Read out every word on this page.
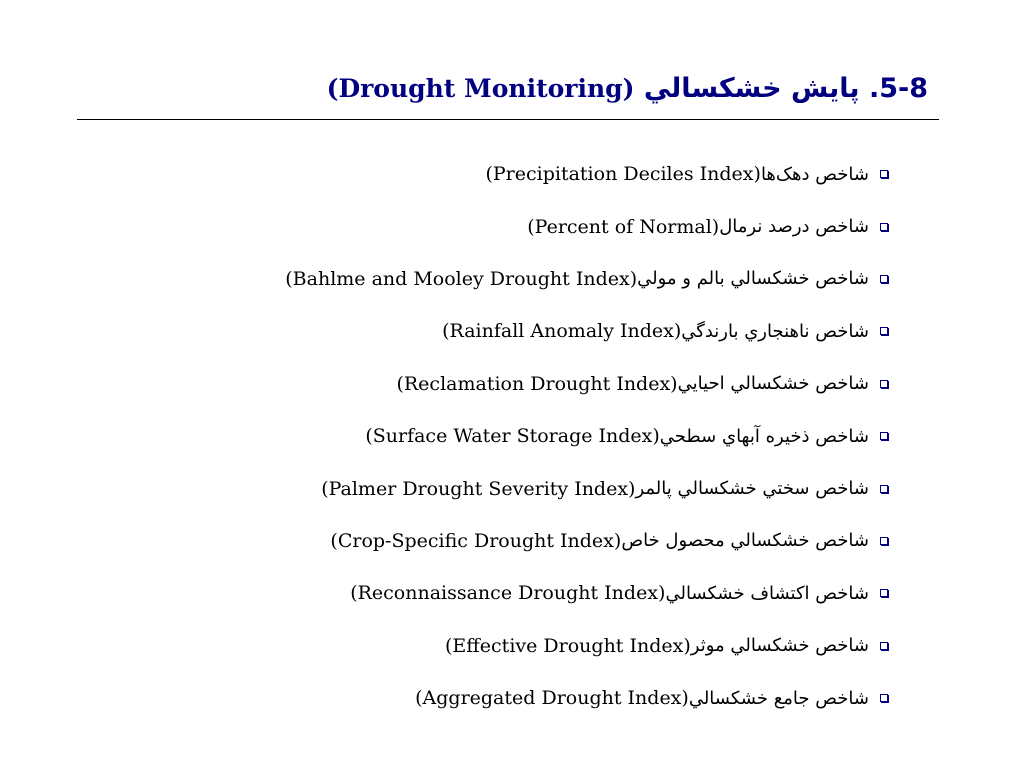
5-8. پايش خشكسالي (Drought Monitoring)
شاخص دهک‌ها
(Precipitation Deciles Index)
شاخص درصد نرمال
(Percent of Normal)
شاخص خشكسالي بالم و مولي
(Bahlme and Mooley Drought Index)
شاخص ناهنجاري بارندگي
(Rainfall Anomaly Index)
شاخص خشكسالي احيايي
(Reclamation Drought Index)
شاخص ذخيره آبهاي سطحي
(Surface Water Storage Index)
شاخص سختي خشكسالي پالمر
(Palmer Drought Severity Index)
شاخص خشكسالي محصول خاص
(Crop-Specific Drought Index)
شاخص اكتشاف خشكسالي
(Reconnaissance Drought Index)
شاخص خشكسالي موثر
(Effective Drought Index)
شاخص جامع خشكسالي
(Aggregated Drought Index)
